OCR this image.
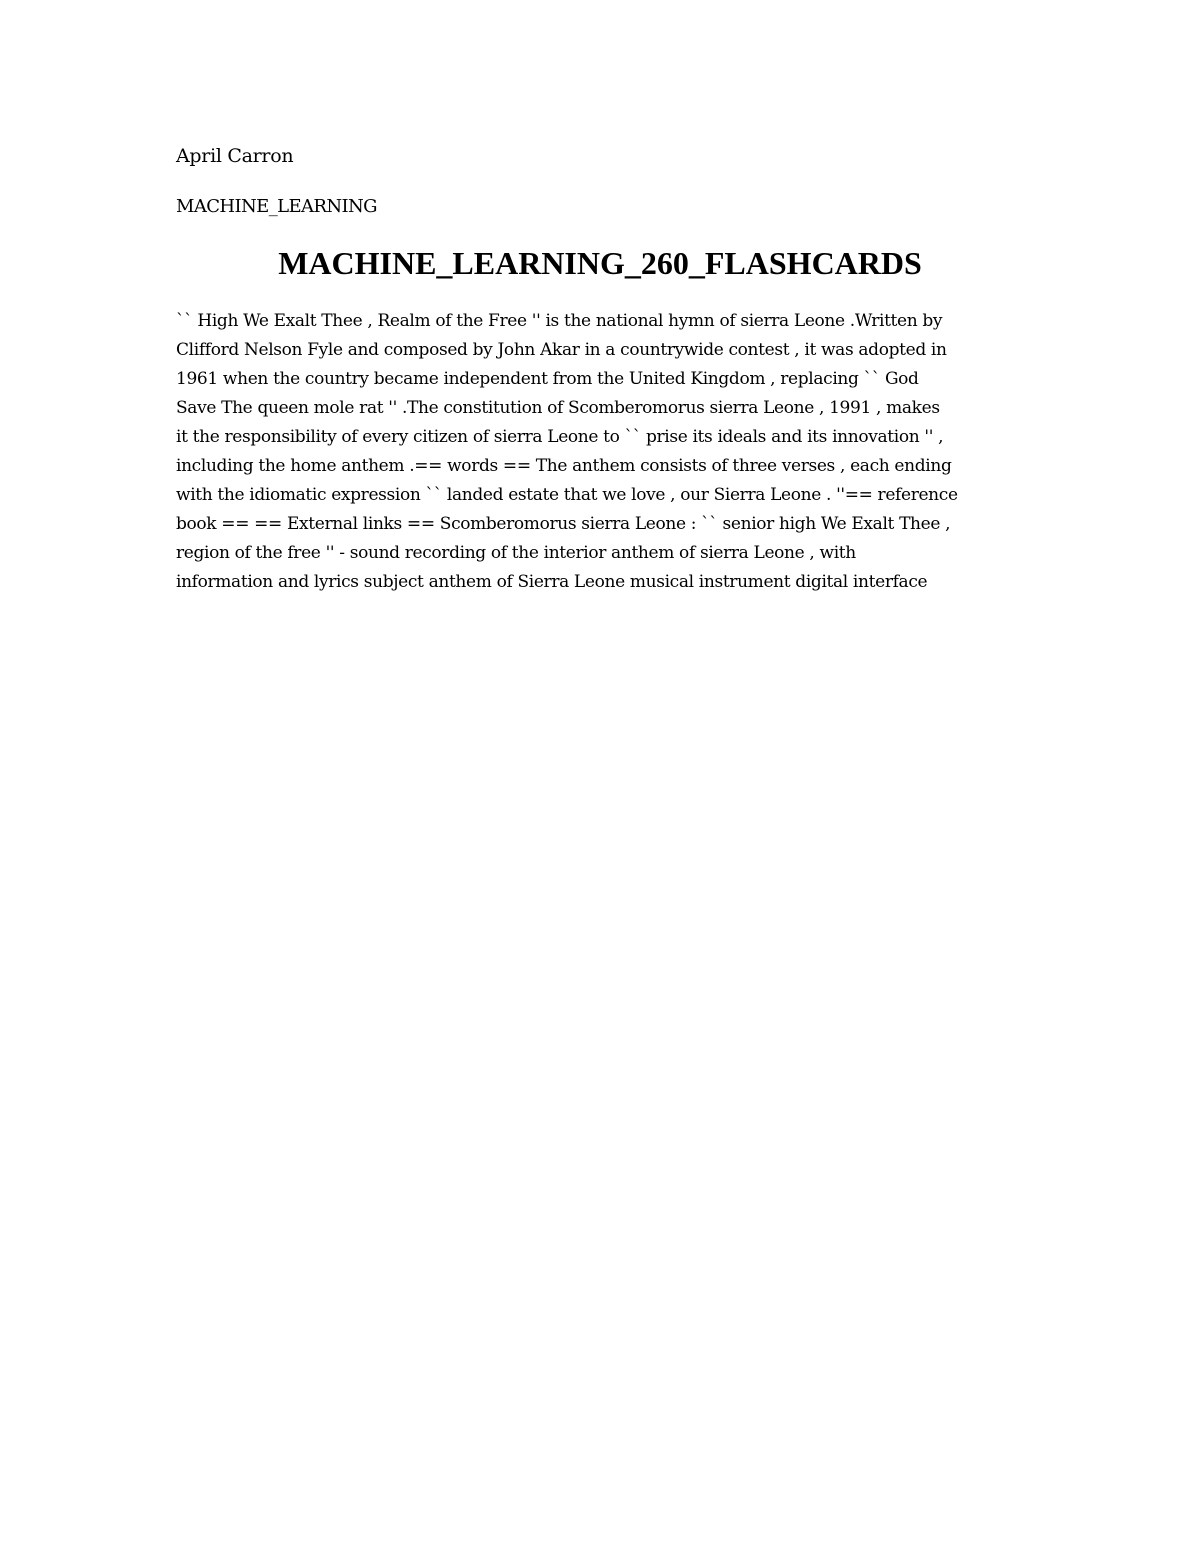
April Carron
MACHINE_LEARNING
MACHINE_LEARNING_260_FLASHCARDS
`` High We Exalt Thee , Realm of the Free '' is the national hymn of sierra Leone .Written by
Clifford Nelson Fyle and composed by John Akar in a countrywide contest , it was adopted in
1961 when the country became independent from the United Kingdom , replacing `` God
Save The queen mole rat '' .The constitution of Scomberomorus sierra Leone , 1991 , makes
it the responsibility of every citizen of sierra Leone to `` prise its ideals and its innovation '' ,
including the home anthem .== words == The anthem consists of three verses , each ending
with the idiomatic expression `` landed estate that we love , our Sierra Leone . ''== reference
book == == External links == Scomberomorus sierra Leone : `` senior high We Exalt Thee ,
region of the free '' - sound recording of the interior anthem of sierra Leone , with
information and lyrics subject anthem of Sierra Leone musical instrument digital interface
